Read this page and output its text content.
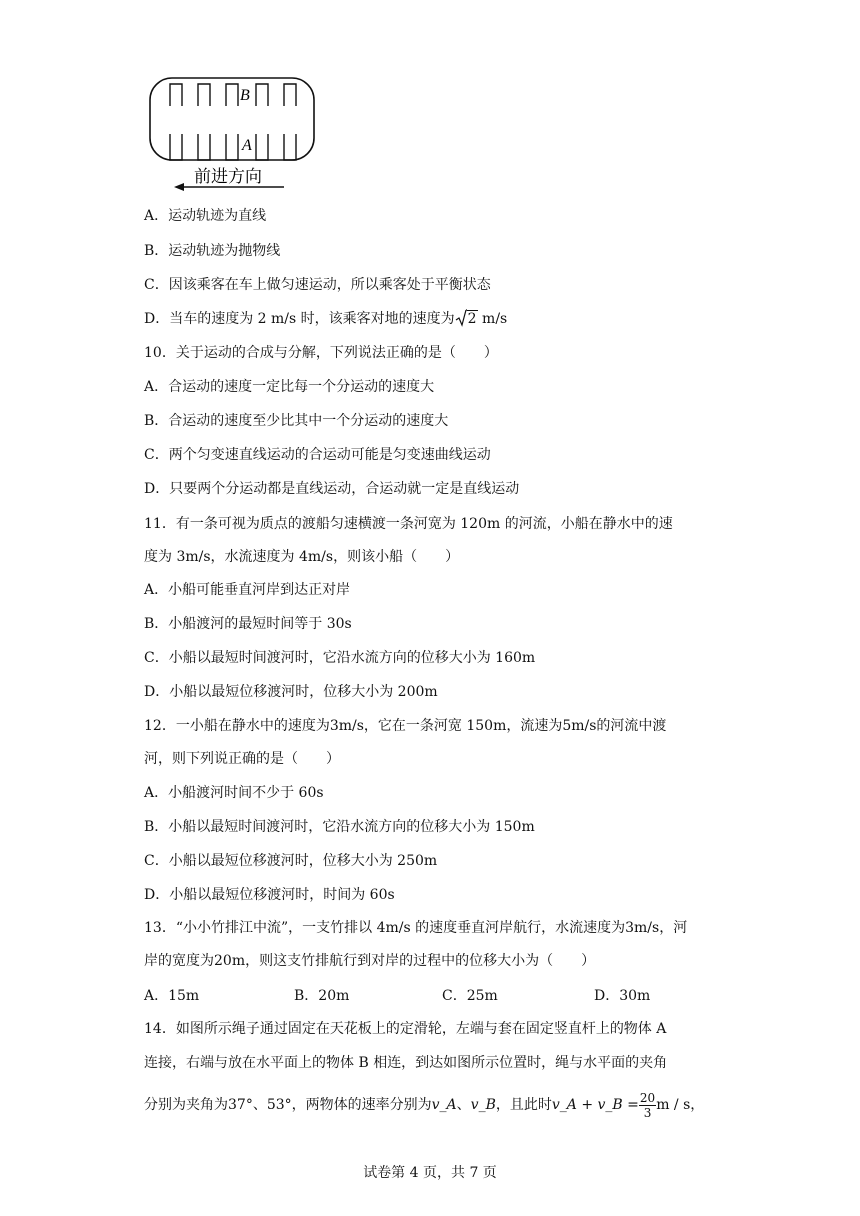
B
A
前进方向
A．运动轨迹为直线
B．运动轨迹为抛物线
C．因该乘客在车上做匀速运动，所以乘客处于平衡状态
D．当车的速度为 2 m/s 时，该乘客对地的速度为 2 m/s
10．关于运动的合成与分解，下列说法正确的是（　　）
A．合运动的速度一定比每一个分运动的速度大
B．合运动的速度至少比其中一个分运动的速度大
C．两个匀变速直线运动的合运动可能是匀变速曲线运动
D．只要两个分运动都是直线运动，合运动就一定是直线运动
11．有一条可视为质点的渡船匀速横渡一条河宽为 120m 的河流，小船在静水中的速
度为 3m/s，水流速度为 4m/s，则该小船（　　）
A．小船可能垂直河岸到达正对岸
B．小船渡河的最短时间等于 30s
C．小船以最短时间渡河时，它沿水流方向的位移大小为 160m
D．小船以最短位移渡河时，位移大小为 200m
12．一小船在静水中的速度为3m/s，它在一条河宽 150m，流速为5m/s的河流中渡
河，则下列说正确的是（　　）
A．小船渡河时间不少于 60s
B．小船以最短时间渡河时，它沿水流方向的位移大小为 150m
C．小船以最短位移渡河时，位移大小为 250m
D．小船以最短位移渡河时，时间为 60s
13．“小小竹排江中流”，一支竹排以 4m/s 的速度垂直河岸航行，水流速度为3m/s，河
岸的宽度为20m，则这支竹排航行到对岸的过程中的位移大小为（　　）
A．15m	B．20m	C．25m	D．30m
14．如图所示绳子通过固定在天花板上的定滑轮，左端与套在固定竖直杆上的物体 A
连接，右端与放在水平面上的物体 B 相连，到达如图所示位置时，绳与水平面的夹角
分别为夹角为37°、53°，两物体的速率分别为v_A、v_B，且此时v_A + v_B = $\frac{20}{3}$ m / s，
试卷第 4 页，共 7 页
